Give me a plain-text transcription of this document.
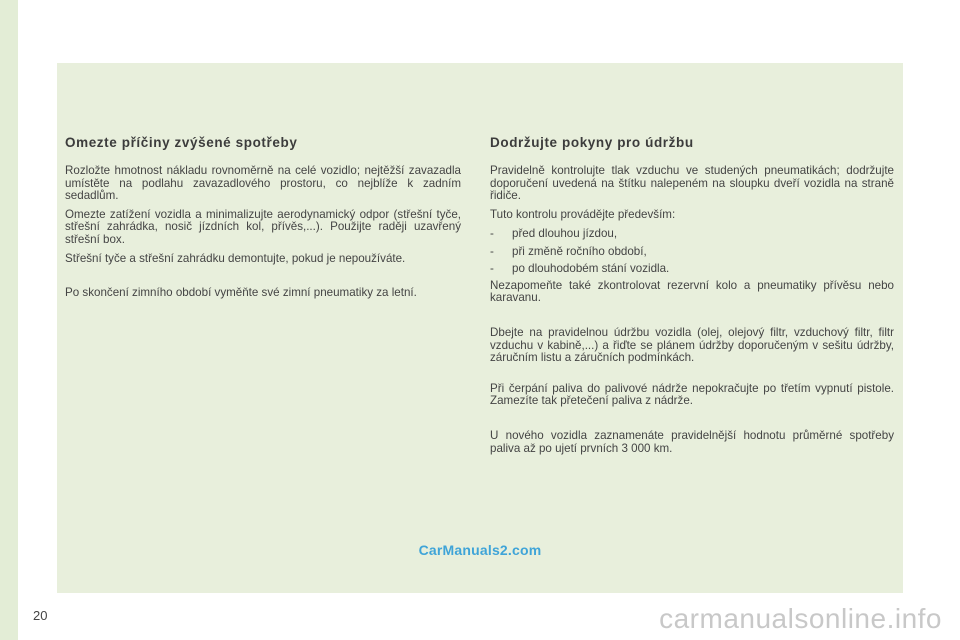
Omezte příčiny zvýšené spotřeby

Rozložte hmotnost nákladu rovnoměrně na celé vozidlo; nejtěžší zavazadla umístěte na podlahu zavazadlového prostoru, co nejblíže k zadním sedadlům.

Omezte zatížení vozidla a minimalizujte aerodynamický odpor (střešní tyče, střešní zahrádka, nosič jízdních kol, přívěs,...). Použijte raději uzavřený střešní box.

Střešní tyče a střešní zahrádku demontujte, pokud je nepoužíváte.

Po skončení zimního období vyměňte své zimní pneumatiky za letní.

Dodržujte pokyny pro údržbu

Pravidelně kontrolujte tlak vzduchu ve studených pneumatikách; dodržujte doporučení uvedená na štítku nalepeném na sloupku dveří vozidla na straně řidiče.

Tuto kontrolu provádějte především:

- před dlouhou jízdou,
- při změně ročního období,
- po dlouhodobém stání vozidla.

Nezapomeňte také zkontrolovat rezervní kolo a pneumatiky přívěsu nebo karavanu.

Dbejte na pravidelnou údržbu vozidla (olej, olejový filtr, vzduchový filtr, filtr vzduchu v kabině,...) a řiďte se plánem údržby doporučeným v sešitu údržby, záručním listu a záručních podmínkách.

Při čerpání paliva do palivové nádrže nepokračujte po třetím vypnutí pistole. Zamezíte tak přetečení paliva z nádrže.

U nového vozidla zaznamenáte pravidelnější hodnotu průměrné spotřeby paliva až po ujetí prvních 3 000 km.

CarManuals2.com
20	carmanualsonline.info
